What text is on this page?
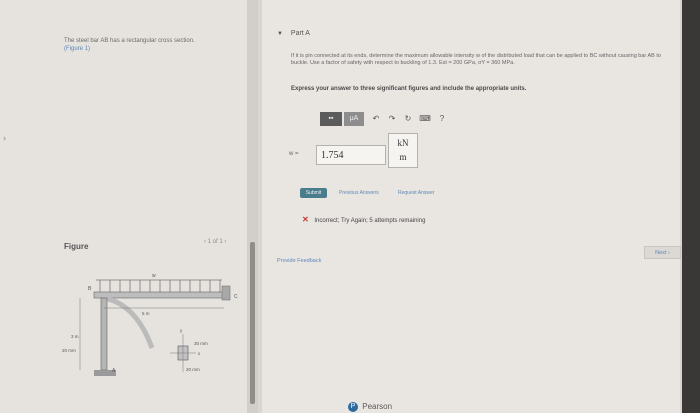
›
The steel bar AB has a rectangular cross section.
(Figure 1)
Figure	‹ 1 of 1 ›
w
B
C
A
5 m
3 m
20 mm
30 mm
20 mm
y
x
▼ Part A
If it is pin connected at its ends, determine the maximum allowable intensity w of the distributed load that can be applied to BC without causing bar AB to buckle. Use a factor of safety with respect to buckling of 1.3. Est = 200 GPa, σY = 360 MPa.
Express your answer to three significant figures and include the appropriate units.
▪▪	μA	↶	↷	↻ ⌨	?
w =	1.754
kN
m
Submit	Previous Answers	Request Answer
✕ Incorrect; Try Again; 5 attempts remaining
Provide Feedback
Next ›
P Pearson
